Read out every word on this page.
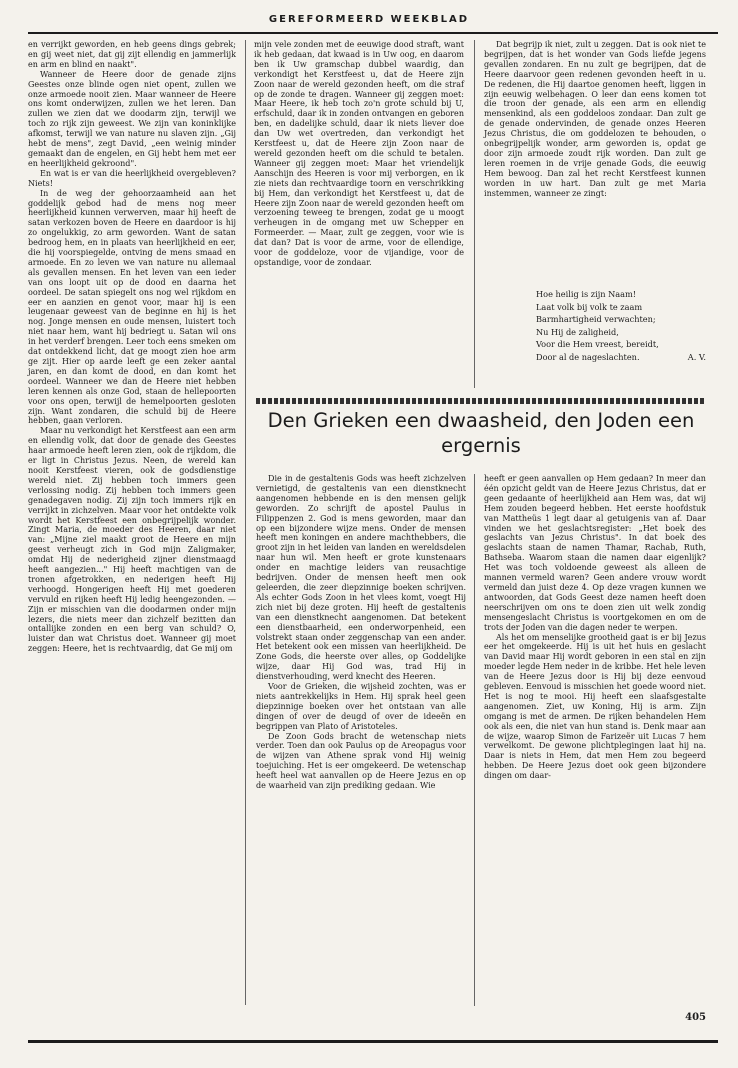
GEREFORMEERD WEEKBLAD

en verrijkt geworden, en heb geens dings gebrek; en gij weet niet, dat gij zijt ellendig en jammerlijk en arm en blind en naakt".

Wanneer de Heere door de genade zijns Geestes onze blinde ogen niet opent, zullen we onze armoede nooit zien. Maar wanneer de Heere ons komt onderwijzen, zullen we het leren. Dan zullen we zien dat we doodarm zijn, terwijl we toch zo rijk zijn geweest. We zijn van koninklijke afkomst, terwijl we van nature nu slaven zijn. „Gij hebt de mens", zegt David, „een weinig minder gemaakt dan de engelen, en Gij hebt hem met eer en heerlijkheid gekroond".

En wat is er van die heerlijkheid overgebleven? Niets!

In de weg der gehoorzaamheid aan het goddelijk gebod had de mens nog meer heerlijkheid kunnen verwerven, maar hij heeft de satan verkozen boven de Heere en daardoor is hij zo ongelukkig, zo arm geworden. Want de satan bedroog hem, en in plaats van heerlijkheid en eer, die hij voorspiegelde, ontving de mens smaad en armoede. En zo leven we van nature nu allemaal als gevallen mensen. En het leven van een ieder van ons loopt uit op de dood en daarna het oordeel. De satan spiegelt ons nog wel rijkdom en eer en aanzien en genot voor, maar hij is een leugenaar geweest van de beginne en hij is het nog. Jonge mensen en oude mensen, luistert toch niet naar hem, want hij bedriegt u. Satan wil ons in het verderf brengen. Leer toch eens smeken om dat ontdekkend licht, dat ge moogt zien hoe arm ge zijt. Hier op aarde leeft ge een zeker aantal jaren, en dan komt de dood, en dan komt het oordeel. Wanneer we dan de Heere niet hebben leren kennen als onze God, staan de hellepoorten voor ons open, terwijl de hemelpoorten gesloten zijn. Want zondaren, die schuld bij de Heere hebben, gaan verloren.

Maar nu verkondigt het Kerstfeest aan een arm en ellendig volk, dat door de genade des Geestes haar armoede heeft leren zien, ook de rijkdom, die er ligt in Christus Jezus. Neen, de wereld kan nooit Kerstfeest vieren, ook de godsdienstige wereld niet. Zij hebben toch immers geen verlossing nodig. Zij hebben toch immers geen genadegaven nodig. Zij zijn toch immers rijk en verrijkt in zichzelven. Maar voor het ontdekte volk wordt het Kerstfeest een onbegrijpelijk wonder. Zingt Maria, de moeder des Heeren, daar niet van: „Mijne ziel maakt groot de Heere en mijn geest verheugt zich in God mijn Zaligmaker, omdat Hij de nederigheid zijner dienstmaagd heeft aangezien..." Hij heeft machtigen van de tronen afgetrokken, en nederigen heeft Hij verhoogd. Hongerigen heeft Hij met goederen vervuld en rijken heeft Hij ledig heengezonden. — Zijn er misschien van die doodarmen onder mijn lezers, die niets meer dan zichzelf bezitten dan ontallijke zonden en een berg van schuld? O, luister dan wat Christus doet. Wanneer gij moet zeggen: Heere, het is rechtvaardig, dat Ge mij om

mijn vele zonden met de eeuwige dood straft, want ik heb gedaan, dat kwaad is in Uw oog, en daarom ben ik Uw gramschap dubbel waardig, dan verkondigt het Kerstfeest u, dat de Heere zijn Zoon naar de wereld gezonden heeft, om die straf op de zonde te dragen. Wanneer gij zeggen moet: Maar Heere, ik heb toch zo'n grote schuld bij U, erfschuld, daar ik in zonden ontvangen en geboren ben, en dadelijke schuld, daar ik niets liever doe dan Uw wet overtreden, dan verkondigt het Kerstfeest u, dat de Heere zijn Zoon naar de wereld gezonden heeft om die schuld te betalen. Wanneer gij zeggen moet: Maar het vriendelijk Aanschijn des Heeren is voor mij verborgen, en ik zie niets dan rechtvaardige toorn en verschrikking bij Hem, dan verkondigt het Kerstfeest u, dat de Heere zijn Zoon naar de wereld gezonden heeft om verzoening teweeg te brengen, zodat ge u moogt verheugen in de omgang met uw Schepper en Formeerder. — Maar, zult ge zeggen, voor wie is dat dan? Dat is voor de arme, voor de ellendige, voor de goddeloze, voor de vijandige, voor de opstandige, voor de zondaar.

Dat begrijp ik niet, zult u zeggen. Dat is ook niet te begrijpen, dat is het wonder van Gods liefde jegens gevallen zondaren. En nu zult ge begrijpen, dat de Heere daarvoor geen redenen gevonden heeft in u. De redenen, die Hij daartoe genomen heeft, liggen in zijn eeuwig welbehagen. O leer dan eens komen tot die troon der genade, als een arm en ellendig mensenkind, als een goddeloos zondaar. Dan zult ge de genade ondervinden, de genade onzes Heeren Jezus Christus, die om goddelozen te behouden, o onbegrijpelijk wonder, arm geworden is, opdat ge door zijn armoede zoudt rijk worden. Dan zult ge leren roemen in de vrije genade Gods, die eeuwig Hem bewoog. Dan zal het recht Kerstfeest kunnen worden in uw hart. Dan zult ge met Maria instemmen, wanneer ze zingt:

Hoe heilig is zijn Naam!
Laat volk bij volk te zaam
Barmhartigheid verwachten;
Nu Hij de zaligheid,
Voor die Hem vreest, bereidt,
Door al de nageslachten.	A. V.
Den Grieken een dwaasheid, den Joden een
ergernis

Die in de gestaltenis Gods was heeft zichzelven vernietigd, de gestaltenis van een dienstknecht aangenomen hebbende en is den mensen gelijk geworden. Zo schrijft de apostel Paulus in Filippenzen 2. God is mens geworden, maar dan op een bijzondere wijze mens. Onder de mensen heeft men koningen en andere machthebbers, die groot zijn in het leiden van landen en wereldsdelen naar hun wil. Men heeft er grote kunstenaars onder en machtige leiders van reusachtige bedrijven. Onder de mensen heeft men ook geleerden, die zeer diepzinnige boeken schrijven. Als echter Gods Zoon in het vlees komt, voegt Hij zich niet bij deze groten. Hij heeft de gestaltenis van een dienstknecht aangenomen. Dat betekent een dienstbaarheid, een onderworpenheid, een volstrekt staan onder zeggenschap van een ander. Het betekent ook een missen van heerlijkheid. De Zone Gods, die heerste over alles, op Goddelijke wijze, daar Hij God was, trad Hij in dienstverhouding, werd knecht des Heeren.

Voor de Grieken, die wijsheid zochten, was er niets aantrekkelijks in Hem. Hij sprak heel geen diepzinnige boeken over het ontstaan van alle dingen of over de deugd of over de ideeën en begrippen van Plato of Aristoteles.

De Zoon Gods bracht de wetenschap niets verder. Toen dan ook Paulus op de Areopagus voor de wijzen van Athene sprak vond Hij weinig toejuiching. Het is eer omgekeerd. De wetenschap heeft heel wat aanvallen op de Heere Jezus en op de waarheid van zijn prediking gedaan. Wie

heeft er geen aanvallen op Hem gedaan? In meer dan één opzicht geldt van de Heere Jezus Christus, dat er geen gedaante of heerlijkheid aan Hem was, dat wij Hem zouden begeerd hebben. Het eerste hoofdstuk van Mattheüs 1 legt daar al getuigenis van af. Daar vinden we het geslachtsregister: „Het boek des geslachts van Jezus Christus". In dat boek des geslachts staan de namen Thamar, Rachab, Ruth, Bathseba. Waarom staan die namen daar eigenlijk? Het was toch voldoende geweest als alleen de mannen vermeld waren? Geen andere vrouw wordt vermeld dan juist deze 4. Op deze vragen kunnen we antwoorden, dat Gods Geest deze namen heeft doen neerschrijven om ons te doen zien uit welk zondig mensengeslacht Christus is voortgekomen en om de trots der Joden van die dagen neder te werpen.

Als het om menselijke grootheid gaat is er bij Jezus eer het omgekeerde. Hij is uit het huis en geslacht van David maar Hij wordt geboren in een stal en zijn moeder legde Hem neder in de kribbe. Het hele leven van de Heere Jezus door is Hij bij deze eenvoud gebleven. Eenvoud is misschien het goede woord niet. Het is nog te mooi. Hij heeft een slaafsgestalte aangenomen. Ziet, uw Koning, Hij is arm. Zijn omgang is met de armen. De rijken behandelen Hem ook als een, die niet van hun stand is. Denk maar aan de wijze, waarop Simon de Farizeër uit Lucas 7 hem verwelkomt. De gewone plichtplegingen laat hij na. Daar is niets in Hem, dat men Hem zou begeerd hebben. De Heere Jezus doet ook geen bijzondere dingen om daar-

405
